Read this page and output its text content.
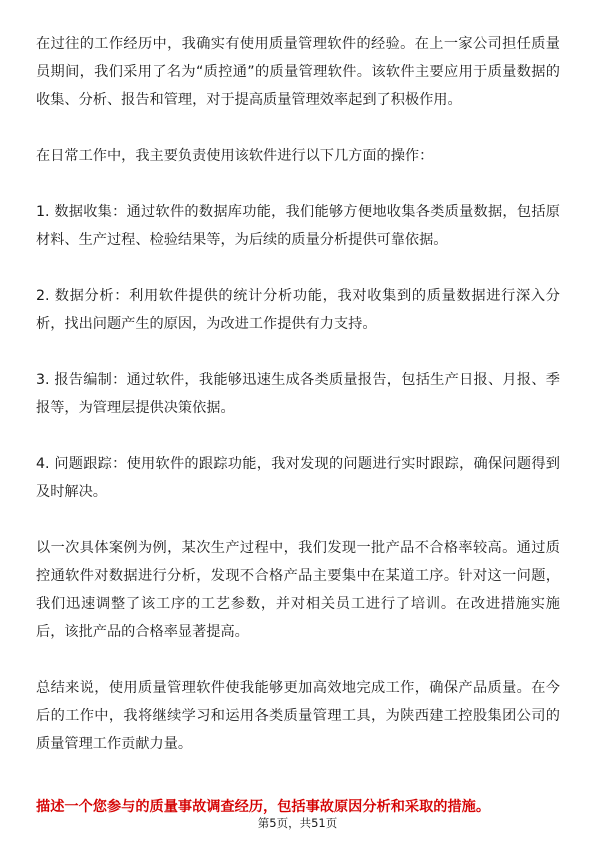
在过往的工作经历中，我确实有使用质量管理软件的经验。在上一家公司担任质量员期间，我们采用了名为“质控通”的质量管理软件。该软件主要应用于质量数据的收集、分析、报告和管理，对于提高质量管理效率起到了积极作用。

在日常工作中，我主要负责使用该软件进行以下几方面的操作：

1. 数据收集：通过软件的数据库功能，我们能够方便地收集各类质量数据，包括原材料、生产过程、检验结果等，为后续的质量分析提供可靠依据。

2. 数据分析：利用软件提供的统计分析功能，我对收集到的质量数据进行深入分析，找出问题产生的原因，为改进工作提供有力支持。

3. 报告编制：通过软件，我能够迅速生成各类质量报告，包括生产日报、月报、季报等，为管理层提供决策依据。

4. 问题跟踪：使用软件的跟踪功能，我对发现的问题进行实时跟踪，确保问题得到及时解决。

以一次具体案例为例，某次生产过程中，我们发现一批产品不合格率较高。通过质控通软件对数据进行分析，发现不合格产品主要集中在某道工序。针对这一问题，我们迅速调整了该工序的工艺参数，并对相关员工进行了培训。在改进措施实施后，该批产品的合格率显著提高。

总结来说，使用质量管理软件使我能够更加高效地完成工作，确保产品质量。在今后的工作中，我将继续学习和运用各类质量管理工具，为陕西建工控股集团公司的质量管理工作贡献力量。

描述一个您参与的质量事故调查经历，包括事故原因分析和采取的措施。

第5页，共51页
